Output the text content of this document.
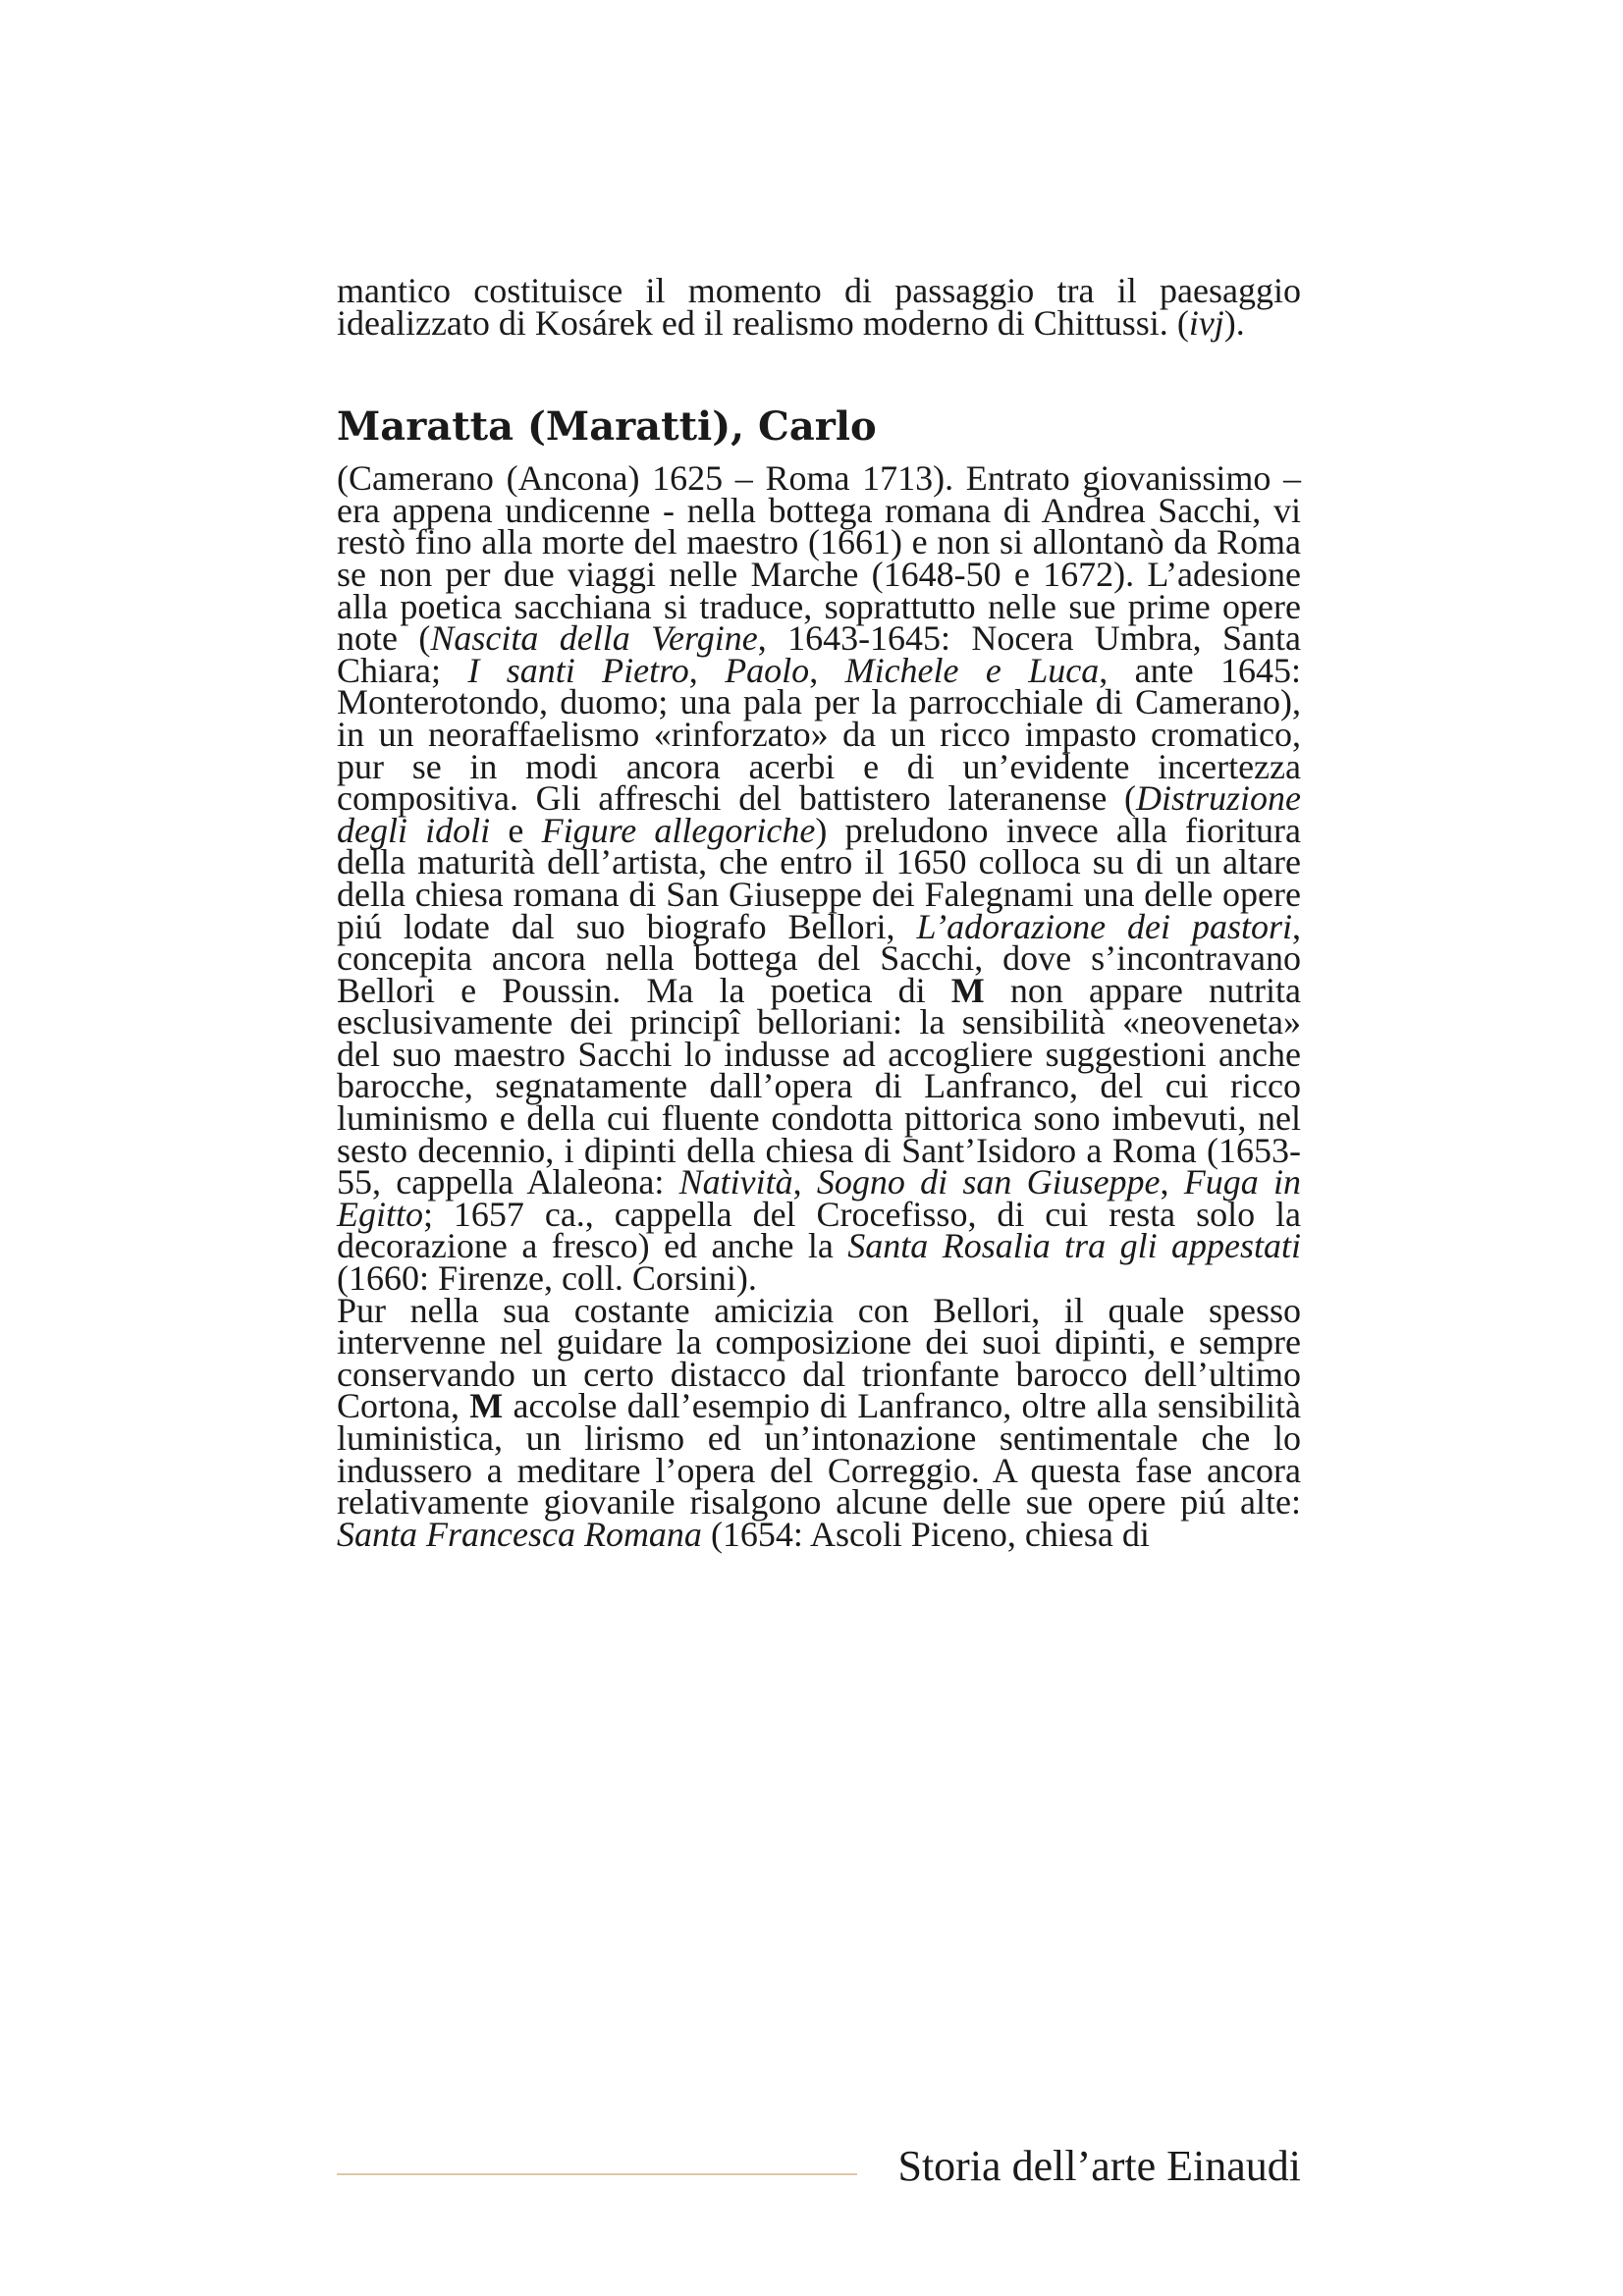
mantico costituisce il momento di passaggio tra il paesaggio idealizzato di Kosárek ed il realismo moderno di Chittussi. (ivj).

Maratta (Maratti), Carlo

(Camerano (Ancona) 1625 – Roma 1713). Entrato giovanissimo – era appena undicenne - nella bottega romana di Andrea Sacchi, vi restò fino alla morte del maestro (1661) e non si allontanò da Roma se non per due viaggi nelle Marche (1648-50 e 1672). L’adesione alla poetica sacchiana si traduce, soprattutto nelle sue prime opere note (Nascita della Vergine, 1643-1645: Nocera Umbra, Santa Chiara; I santi Pietro, Paolo, Michele e Luca, ante 1645: Monterotondo, duomo; una pala per la parrocchiale di Camerano), in un neoraffaelismo «rinforzato» da un ricco impasto cromatico, pur se in modi ancora acerbi e di un’evidente incertezza compositiva. Gli affreschi del battistero lateranense (Distruzione degli idoli e Figure allegoriche) preludono invece alla fioritura della maturità dell’artista, che entro il 1650 colloca su di un altare della chiesa romana di San Giuseppe dei Falegnami una delle opere piú lodate dal suo biografo Bellori, L’adorazione dei pastori, concepita ancora nella bottega del Sacchi, dove s’incontravano Bellori e Poussin. Ma la poetica di M non appare nutrita esclusivamente dei principî belloriani: la sensibilità «neoveneta» del suo maestro Sacchi lo indusse ad accogliere suggestioni anche barocche, segnatamente dall’opera di Lanfranco, del cui ricco luminismo e della cui fluente condotta pittorica sono imbevuti, nel sesto decennio, i dipinti della chiesa di Sant’Isidoro a Roma (1653-55, cappella Alaleona: Natività, Sogno di san Giuseppe, Fuga in Egitto; 1657 ca., cappella del Crocefisso, di cui resta solo la decorazione a fresco) ed anche la Santa Rosalia tra gli appestati (1660: Firenze, coll. Corsini).

Pur nella sua costante amicizia con Bellori, il quale spesso intervenne nel guidare la composizione dei suoi dipinti, e sempre conservando un certo distacco dal trionfante barocco dell’ultimo Cortona, M accolse dall’esempio di Lanfranco, oltre alla sensibilità luministica, un lirismo ed un’intonazione sentimentale che lo indussero a meditare l’opera del Correggio. A questa fase ancora relativamente giovanile risalgono alcune delle sue opere piú alte: Santa Francesca Romana (1654: Ascoli Piceno, chiesa di

Storia dell’arte Einaudi
